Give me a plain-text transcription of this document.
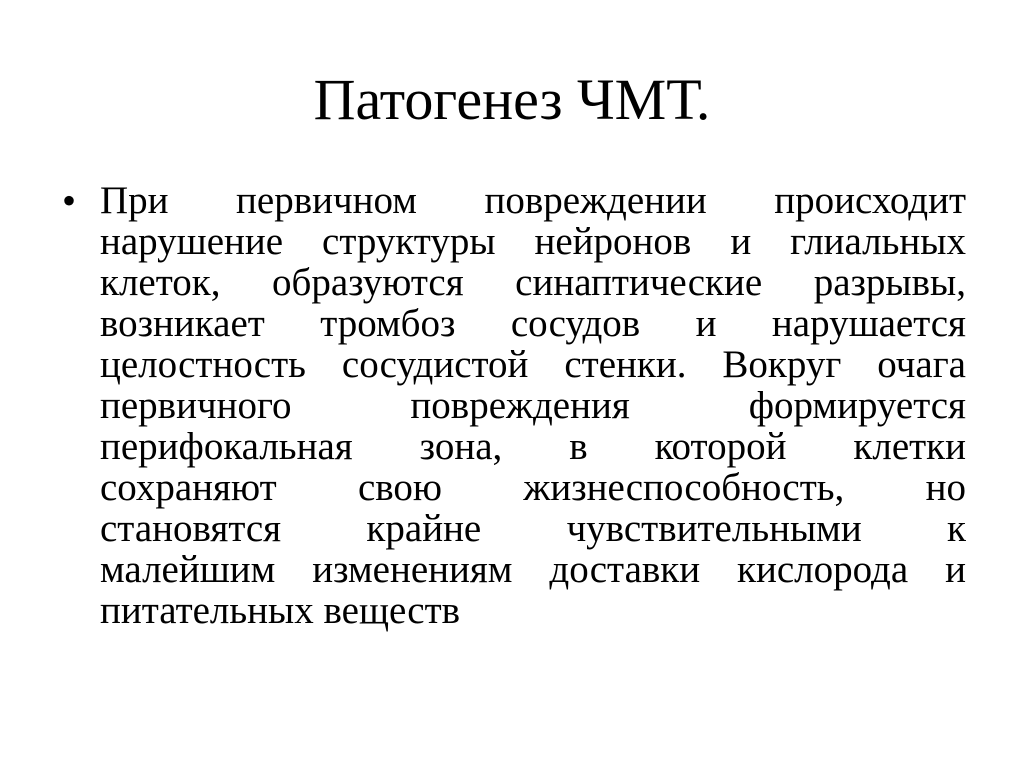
Патогенез ЧМТ.
• При первичном повреждении происходит
нарушение структуры нейронов и глиальных
клеток, образуются синаптические разрывы,
возникает тромбоз сосудов и нарушается
целостность сосудистой стенки. Вокруг очага
первичного повреждения формируется
перифокальная зона, в которой клетки
сохраняют свою жизнеспособность, но
становятся крайне чувствительными к
малейшим изменениям доставки кислорода и
питательных веществ
